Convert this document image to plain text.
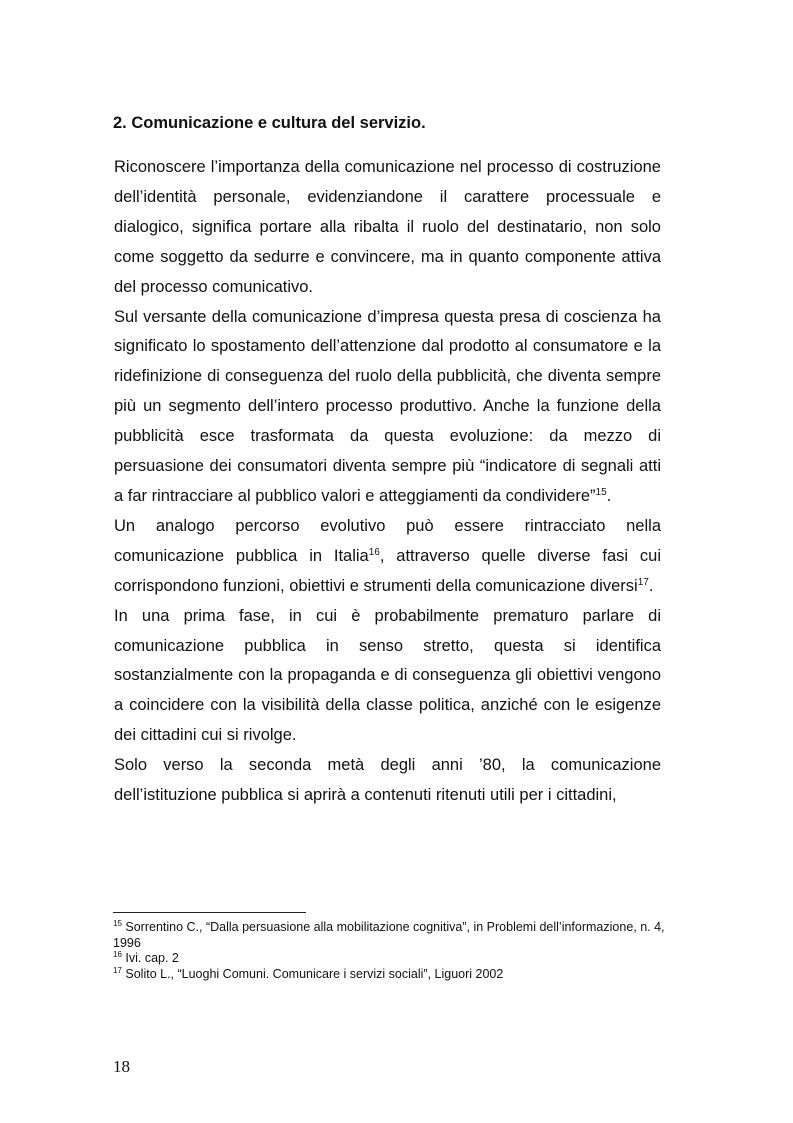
2. Comunicazione e cultura del servizio.

Riconoscere l’importanza della comunicazione nel processo di costruzione dell’identità personale, evidenziandone il carattere processuale e dialogico, significa portare alla ribalta il ruolo del destinatario, non solo come soggetto da sedurre e convincere, ma in quanto componente attiva del processo comunicativo.

Sul versante della comunicazione d’impresa questa presa di coscienza ha significato lo spostamento dell’attenzione dal prodotto al consumatore e la ridefinizione di conseguenza del ruolo della pubblicità, che diventa sempre più un segmento dell’intero processo produttivo. Anche la funzione della pubblicità esce trasformata da questa evoluzione: da mezzo di persuasione dei consumatori diventa sempre più “indicatore di segnali atti a far rintracciare al pubblico valori e atteggiamenti da condividere”$^{15}$.

Un analogo percorso evolutivo può essere rintracciato nella comunicazione pubblica in Italia$^{16}$, attraverso quelle diverse fasi cui corrispondono funzioni, obiettivi e strumenti della comunicazione diversi$^{17}$.

In una prima fase, in cui è probabilmente prematuro parlare di comunicazione pubblica in senso stretto, questa si identifica sostanzialmente con la propaganda e di conseguenza gli obiettivi vengono a coincidere con la visibilità della classe politica, anziché con le esigenze dei cittadini cui si rivolge.

Solo verso la seconda metà degli anni ’80, la comunicazione dell’istituzione pubblica si aprirà a contenuti ritenuti utili per i cittadini,

$^{15}$ Sorrentino C., “Dalla persuasione alla mobilitazione cognitiva”, in Problemi dell’informazione, n. 4, 1996

$^{16}$ Ivi. cap. 2

$^{17}$ Solito L., “Luoghi Comuni. Comunicare i servizi sociali”, Liguori 2002

18
